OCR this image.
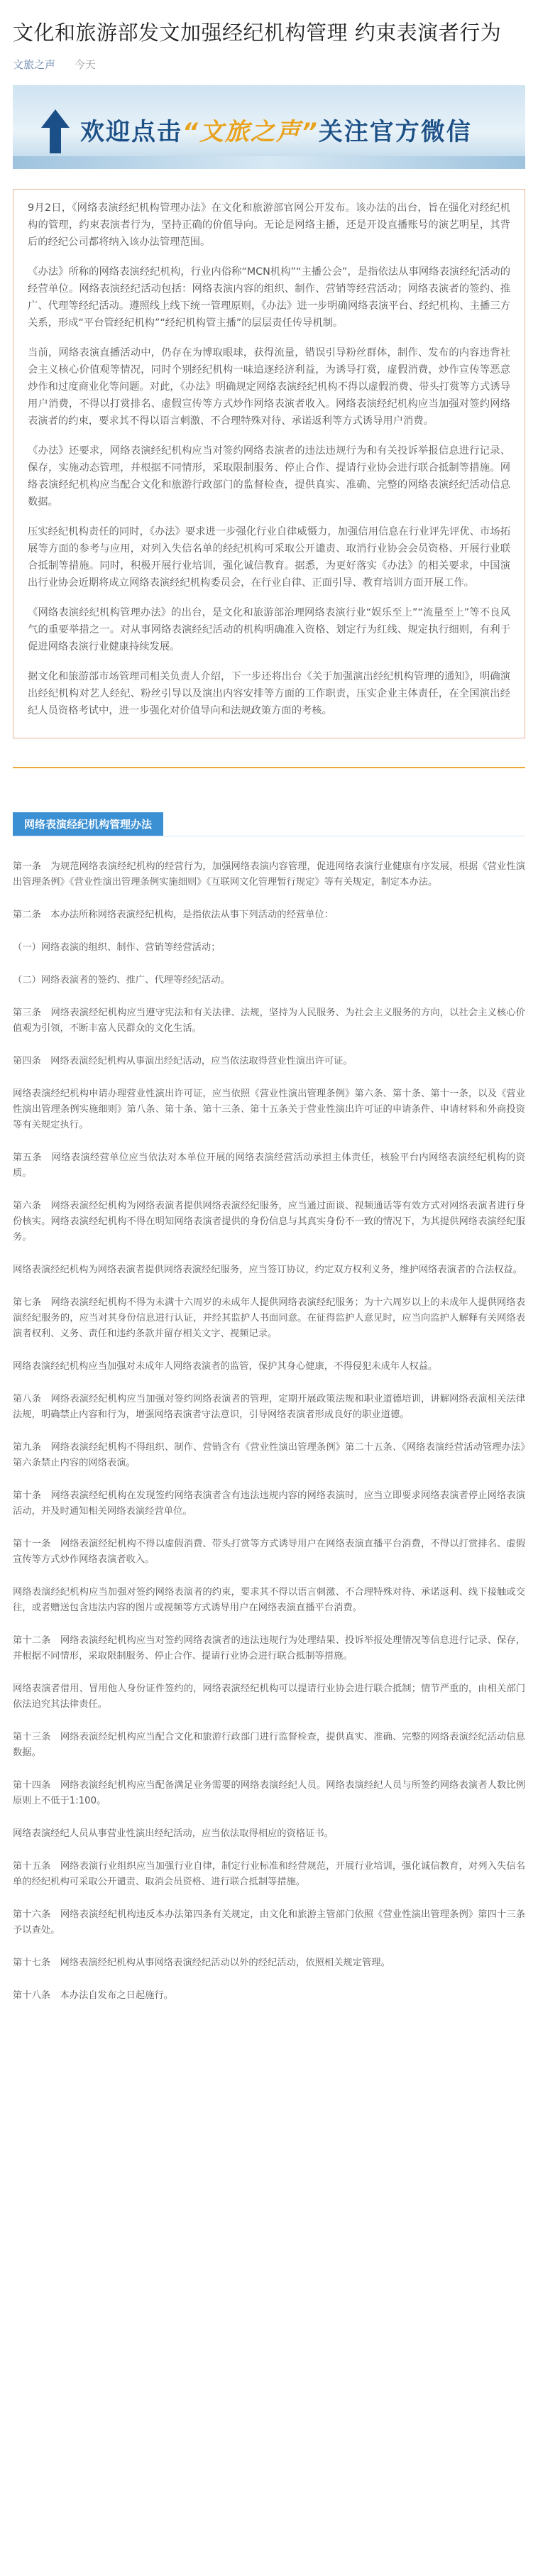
文化和旅游部发文加强经纪机构管理 约束表演者行为
文旅之声 今天
欢迎点击“文旅之声”关注官方微信

9月2日，《网络表演经纪机构管理办法》在文化和旅游部官网公开发布。该办法的出台，旨在强化对经纪机构的管理，约束表演者行为，坚持正确的价值导向。无论是网络主播，还是开设直播账号的演艺明星，其背后的经纪公司都将纳入该办法管理范围。

《办法》所称的网络表演经纪机构，行业内俗称“MCN机构”“主播公会”，是指依法从事网络表演经纪活动的经营单位。网络表演经纪活动包括：网络表演内容的组织、制作、营销等经营活动；网络表演者的签约、推广、代理等经纪活动。遵照线上线下统一管理原则，《办法》进一步明确网络表演平台、经纪机构、主播三方关系，形成“平台管经纪机构”“经纪机构管主播”的层层责任传导机制。

当前，网络表演直播活动中，仍存在为博取眼球，获得流量，错误引导粉丝群体，制作、发布的内容违背社会主义核心价值观等情况，同时个别经纪机构一味追逐经济利益，为诱导打赏，虚假消费，炒作宣传等恶意炒作和过度商业化等问题。对此，《办法》明确规定网络表演经纪机构不得以虚假消费、带头打赏等方式诱导用户消费，不得以打赏排名、虚假宣传等方式炒作网络表演者收入。网络表演经纪机构应当加强对签约网络表演者的约束，要求其不得以语言刺激、不合理特殊对待、承诺返利等方式诱导用户消费。

《办法》还要求，网络表演经纪机构应当对签约网络表演者的违法违规行为和有关投诉举报信息进行记录、保存，实施动态管理，并根据不同情形，采取限制服务、停止合作、提请行业协会进行联合抵制等措施。网络表演经纪机构应当配合文化和旅游行政部门的监督检查，提供真实、准确、完整的网络表演经纪活动信息数据。

压实经纪机构责任的同时，《办法》要求进一步强化行业自律威慑力，加强信用信息在行业评先评优、市场拓展等方面的参考与应用，对列入失信名单的经纪机构可采取公开谴责、取消行业协会会员资格、开展行业联合抵制等措施。同时，积极开展行业培训，强化诚信教育。据悉，为更好落实《办法》的相关要求，中国演出行业协会近期将成立网络表演经纪机构委员会，在行业自律、正面引导、教育培训方面开展工作。

《网络表演经纪机构管理办法》的出台，是文化和旅游部治理网络表演行业“娱乐至上”“流量至上”等不良风气的重要举措之一。对从事网络表演经纪活动的机构明确准入资格、划定行为红线、规定执行细则，有利于促进网络表演行业健康持续发展。

据文化和旅游部市场管理司相关负责人介绍，下一步还将出台《关于加强演出经纪机构管理的通知》，明确演出经纪机构对艺人经纪、粉丝引导以及演出内容安排等方面的工作职责，压实企业主体责任，在全国演出经纪人员资格考试中，进一步强化对价值导向和法规政策方面的考核。

网络表演经纪机构管理办法

第一条　为规范网络表演经纪机构的经营行为，加强网络表演内容管理，促进网络表演行业健康有序发展，根据《营业性演出管理条例》《营业性演出管理条例实施细则》《互联网文化管理暂行规定》等有关规定，制定本办法。

第二条　本办法所称网络表演经纪机构，是指依法从事下列活动的经营单位：

（一）网络表演的组织、制作、营销等经营活动；

（二）网络表演者的签约、推广、代理等经纪活动。

第三条　网络表演经纪机构应当遵守宪法和有关法律、法规，坚持为人民服务、为社会主义服务的方向，以社会主义核心价值观为引领，不断丰富人民群众的文化生活。

第四条　网络表演经纪机构从事演出经纪活动，应当依法取得营业性演出许可证。

网络表演经纪机构申请办理营业性演出许可证，应当依照《营业性演出管理条例》第六条、第十条、第十一条，以及《营业性演出管理条例实施细则》第八条、第十条、第十三条、第十五条关于营业性演出许可证的申请条件、申请材料和外商投资等有关规定执行。

第五条　网络表演经营单位应当依法对本单位开展的网络表演经营活动承担主体责任，核验平台内网络表演经纪机构的资质。

第六条　网络表演经纪机构为网络表演者提供网络表演经纪服务，应当通过面谈、视频通话等有效方式对网络表演者进行身份核实。网络表演经纪机构不得在明知网络表演者提供的身份信息与其真实身份不一致的情况下，为其提供网络表演经纪服务。

网络表演经纪机构为网络表演者提供网络表演经纪服务，应当签订协议，约定双方权利义务，维护网络表演者的合法权益。

第七条　网络表演经纪机构不得为未满十六周岁的未成年人提供网络表演经纪服务；为十六周岁以上的未成年人提供网络表演经纪服务的，应当对其身份信息进行认证，并经其监护人书面同意。在征得监护人意见时，应当向监护人解释有关网络表演者权利、义务、责任和违约条款并留存相关文字、视频记录。

网络表演经纪机构应当加强对未成年人网络表演者的监管，保护其身心健康，不得侵犯未成年人权益。

第八条　网络表演经纪机构应当加强对签约网络表演者的管理，定期开展政策法规和职业道德培训，讲解网络表演相关法律法规，明确禁止内容和行为，增强网络表演者守法意识，引导网络表演者形成良好的职业道德。

第九条　网络表演经纪机构不得组织、制作、营销含有《营业性演出管理条例》第二十五条、《网络表演经营活动管理办法》第六条禁止内容的网络表演。

第十条　网络表演经纪机构在发现签约网络表演者含有违法违规内容的网络表演时，应当立即要求网络表演者停止网络表演活动，并及时通知相关网络表演经营单位。

第十一条　网络表演经纪机构不得以虚假消费、带头打赏等方式诱导用户在网络表演直播平台消费，不得以打赏排名、虚假宣传等方式炒作网络表演者收入。

网络表演经纪机构应当加强对签约网络表演者的约束，要求其不得以语言刺激、不合理特殊对待、承诺返利、线下接触或交往，或者赠送包含违法内容的图片或视频等方式诱导用户在网络表演直播平台消费。

第十二条　网络表演经纪机构应当对签约网络表演者的违法违规行为处理结果、投诉举报处理情况等信息进行记录、保存，并根据不同情形，采取限制服务、停止合作、提请行业协会进行联合抵制等措施。

网络表演者借用、冒用他人身份证件签约的，网络表演经纪机构可以提请行业协会进行联合抵制；情节严重的，由相关部门依法追究其法律责任。

第十三条　网络表演经纪机构应当配合文化和旅游行政部门进行监督检查，提供真实、准确、完整的网络表演经纪活动信息数据。

第十四条　网络表演经纪机构应当配备满足业务需要的网络表演经纪人员。网络表演经纪人员与所签约网络表演者人数比例原则上不低于1:100。

网络表演经纪人员从事营业性演出经纪活动，应当依法取得相应的资格证书。

第十五条　网络表演行业组织应当加强行业自律，制定行业标准和经营规范，开展行业培训，强化诚信教育，对列入失信名单的经纪机构可采取公开谴责、取消会员资格、进行联合抵制等措施。

第十六条　网络表演经纪机构违反本办法第四条有关规定，由文化和旅游主管部门依照《营业性演出管理条例》第四十三条予以查处。

第十七条　网络表演经纪机构从事网络表演经纪活动以外的经纪活动，依照相关规定管理。

第十八条　本办法自发布之日起施行。
